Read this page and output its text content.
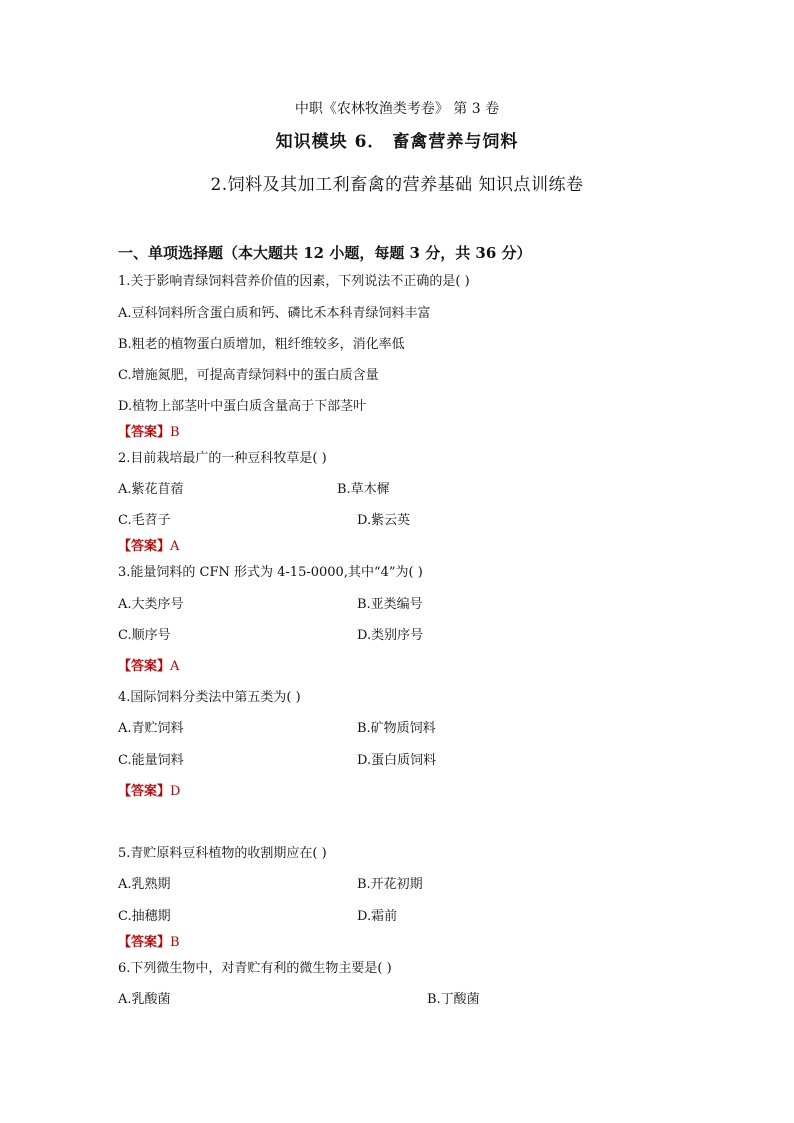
中职《农林牧渔类考卷》 第 3 卷
知识模块 6． 畜禽营养与饲料
2.饲料及其加工利畜禽的营养基础 知识点训练卷
一、单项选择题（本大题共 12 小题，每题 3 分，共 36 分）
1.关于影响青绿饲料营养价值的因素，下列说法不正确的是( )
A.豆科饲料所含蛋白质和钙、磷比禾本科青绿饲料丰富
B.粗老的植物蛋白质增加，粗纤维较多，消化率低
C.增施氮肥，可提高青绿饲料中的蛋白质含量
D.植物上部茎叶中蛋白质含量高于下部茎叶
【答案】B
2.目前栽培最广的一种豆科牧草是( )
A.紫花苜蓿	B.草木樨
C.毛苕子	D.紫云英
【答案】A
3.能量饲料的 CFN 形式为 4-15-0000,其中“4”为( )
A.大类序号	B.亚类编号
C.顺序号	D.类别序号
【答案】A
4.国际饲料分类法中第五类为( )
A.青贮饲料	B.矿物质饲料
C.能量饲料	D.蛋白质饲料
【答案】D
5.青贮原料豆科植物的收割期应在( )
A.乳熟期	B.开花初期
C.抽穗期	D.霜前
【答案】B
6.下列微生物中，对青贮有利的微生物主要是( )
A.乳酸菌	B.丁酸菌
